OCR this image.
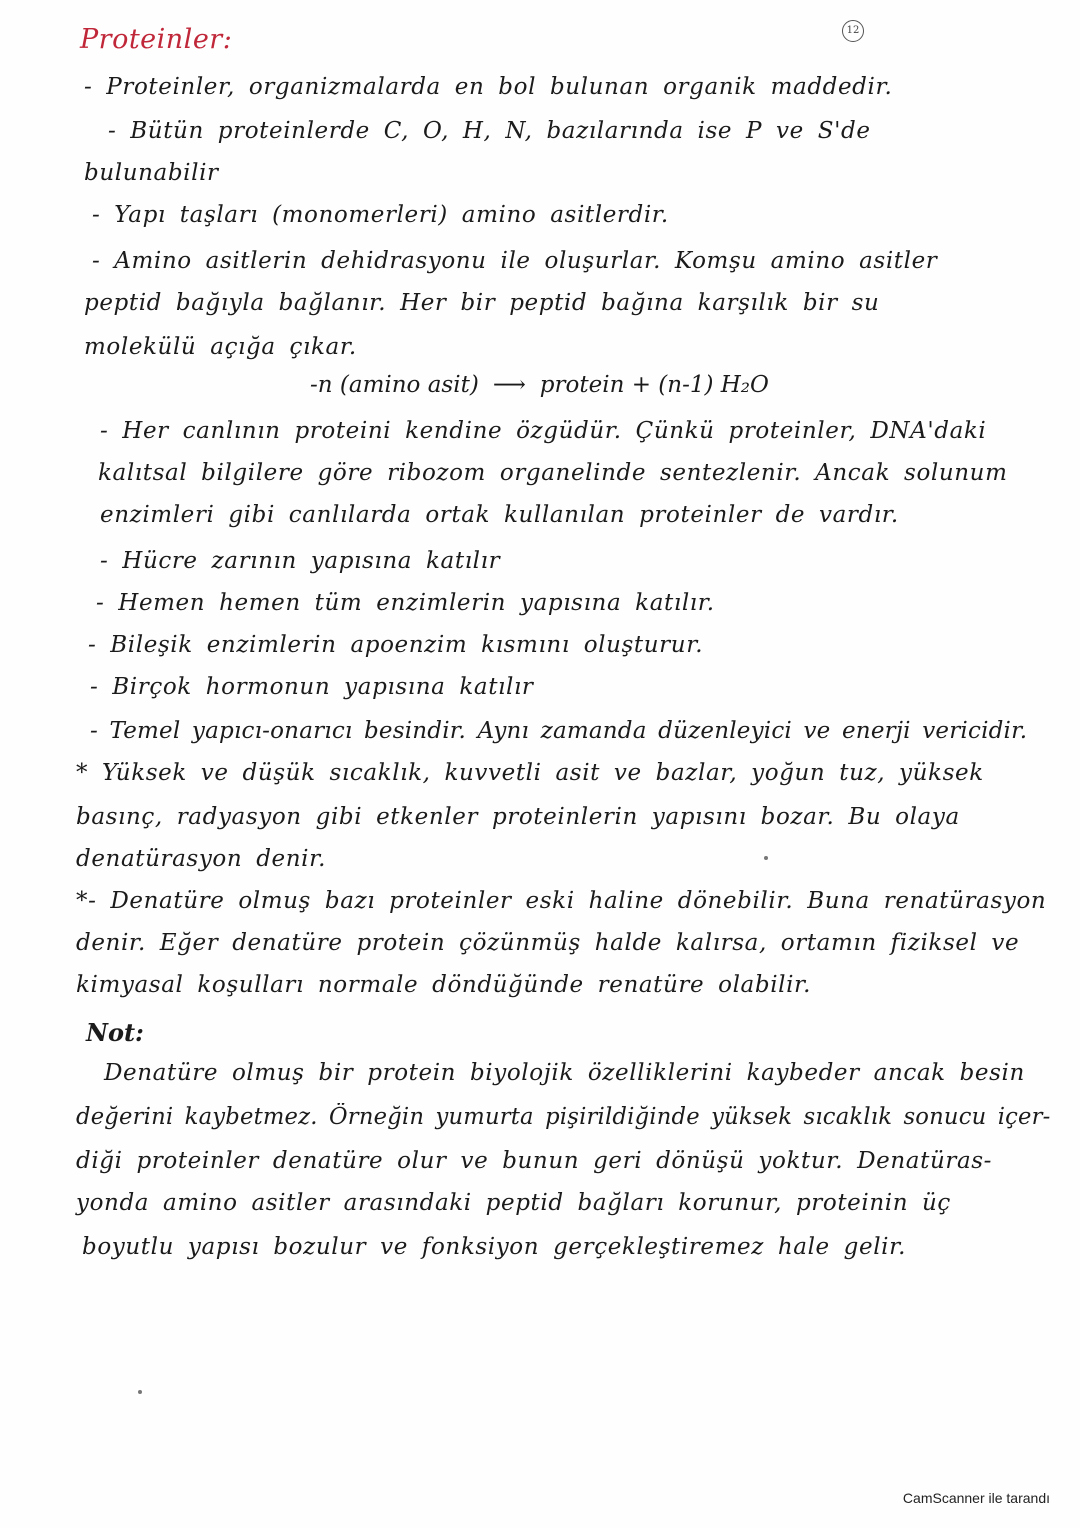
Proteinler:	12
- Proteinler, organizmalarda en bol bulunan organik maddedir.
- Bütün proteinlerde C, O, H, N, bazılarında ise P ve S'de
bulunabilir
- Yapı taşları (monomerleri) amino asitlerdir.
- Amino asitlerin dehidrasyonu ile oluşurlar. Komşu amino asitler
peptid bağıyla bağlanır. Her bir peptid bağına karşılık bir su
molekülü açığa çıkar.
-n (amino asit) ⟶ protein + (n-1) H₂O
- Her canlının proteini kendine özgüdür. Çünkü proteinler, DNA'daki
kalıtsal bilgilere göre ribozom organelinde sentezlenir. Ancak solunum
enzimleri gibi canlılarda ortak kullanılan proteinler de vardır.
- Hücre zarının yapısına katılır
- Hemen hemen tüm enzimlerin yapısına katılır.
- Bileşik enzimlerin apoenzim kısmını oluşturur.
- Birçok hormonun yapısına katılır
- Temel yapıcı-onarıcı besindir. Aynı zamanda düzenleyici ve enerji vericidir.
* Yüksek ve düşük sıcaklık, kuvvetli asit ve bazlar, yoğun tuz, yüksek
basınç, radyasyon gibi etkenler proteinlerin yapısını bozar. Bu olaya
denatürasyon denir.
*- Denatüre olmuş bazı proteinler eski haline dönebilir. Buna renatürasyon
denir. Eğer denatüre protein çözünmüş halde kalırsa, ortamın fiziksel ve
kimyasal koşulları normale döndüğünde renatüre olabilir.
Not:
Denatüre olmuş bir protein biyolojik özelliklerini kaybeder ancak besin
değerini kaybetmez. Örneğin yumurta pişirildiğinde yüksek sıcaklık sonucu içer-
diği proteinler denatüre olur ve bunun geri dönüşü yoktur. Denatüras-
yonda amino asitler arasındaki peptid bağları korunur, proteinin üç
boyutlu yapısı bozulur ve fonksiyon gerçekleştiremez hale gelir.
CamScanner ile tarandı
